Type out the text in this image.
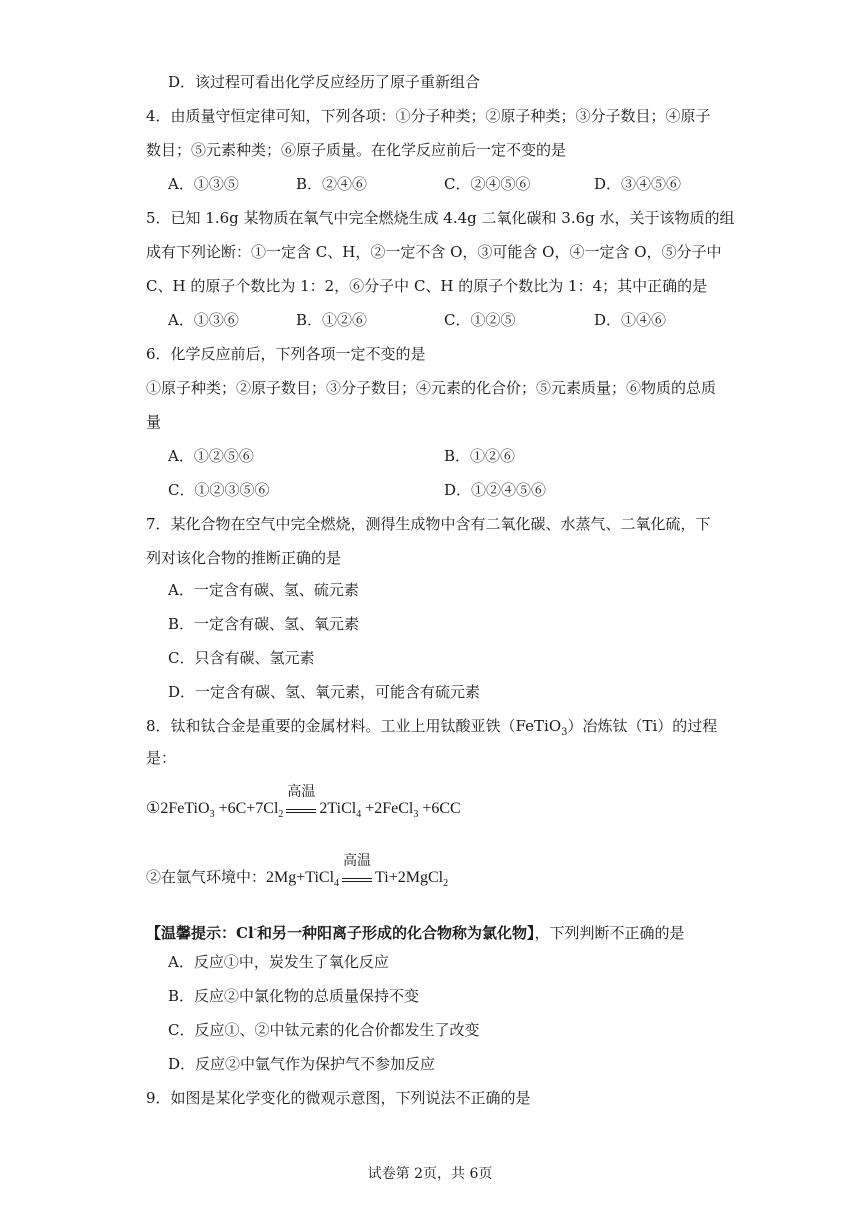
D．该过程可看出化学反应经历了原子重新组合
4．由质量守恒定律可知，下列各项：①分子种类；②原子种类；③分子数目；④原子
数目；⑤元素种类；⑥原子质量。在化学反应前后一定不变的是
A．①③⑤	B．②④⑥	C．②④⑤⑥	D．③④⑤⑥
5．已知 1.6g 某物质在氧气中完全燃烧生成 4.4g 二氧化碳和 3.6g 水，关于该物质的组
成有下列论断：①一定含 C、H，②一定不含 O，③可能含 O，④一定含 O，⑤分子中
C、H 的原子个数比为 1：2，⑥分子中 C、H 的原子个数比为 1：4；其中正确的是
A．①③⑥	B．①②⑥	C．①②⑤	D．①④⑥
6．化学反应前后，下列各项一定不变的是
①原子种类；②原子数目；③分子数目；④元素的化合价；⑤元素质量；⑥物质的总质
量
A．①②⑤⑥	B．①②⑥
C．①②③⑤⑥	D．①②④⑤⑥
7．某化合物在空气中完全燃烧，测得生成物中含有二氧化碳、水蒸气、二氧化硫，下
列对该化合物的推断正确的是
A．一定含有碳、氢、硫元素
B．一定含有碳、氢、氧元素
C．只含有碳、氢元素
D．一定含有碳、氢、氧元素，可能含有硫元素
8．钛和钛合金是重要的金属材料。工业上用钛酸亚铁（FeTiO$_3$）冶炼钛（Ti）的过程
是：
①2FeTiO$_3$ $+6C+7Cl_2$
高温
2TiCl$_4$ +2FeCl$_3$ +6CC
②在氩气环境中：2Mg+TiCl$_4$
高温
Ti+2MgCl$_2$
【温馨提示：Cl-和另一种阳离子形成的化合物称为氯化物】，下列判断不正确的是
A．反应①中，炭发生了氧化反应
B．反应②中氯化物的总质量保持不变
C．反应①、②中钛元素的化合价都发生了改变
D．反应②中氩气作为保护气不参加反应
9．如图是某化学变化的微观示意图，下列说法不正确的是
试卷第 2页，共 6页
